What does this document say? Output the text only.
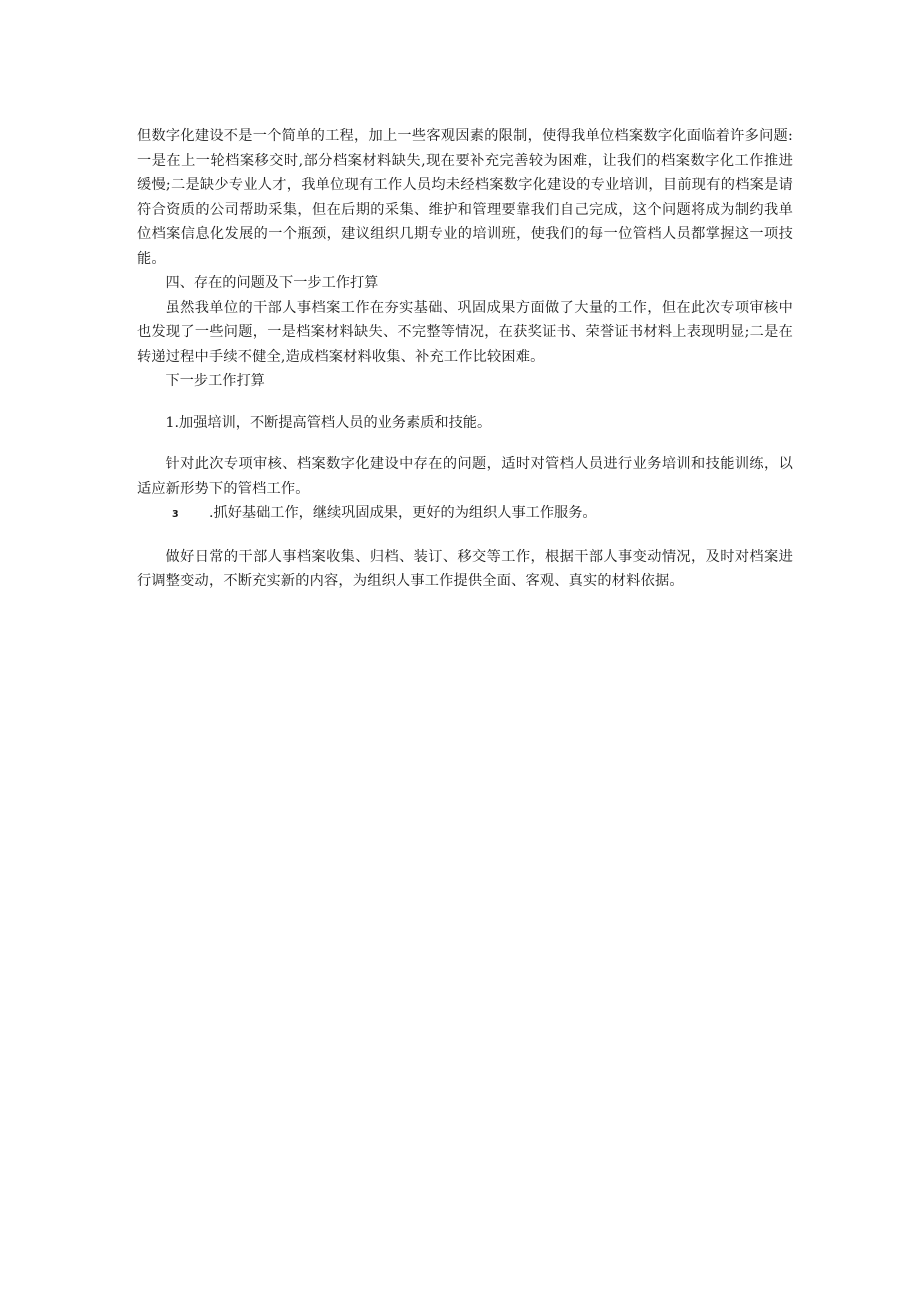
但数字化建设不是一个简单的工程，加上一些客观因素的限制，使得我单位档案数字化面临着许多问题:一是在上一轮档案移交时,部分档案材料缺失,现在要补充完善较为困难，让我们的档案数字化工作推进缓慢;二是缺少专业人才，我单位现有工作人员均未经档案数字化建设的专业培训，目前现有的档案是请符合资质的公司帮助采集，但在后期的采集、维护和管理要靠我们自己完成，这个问题将成为制约我单位档案信息化发展的一个瓶颈，建议组织几期专业的培训班，使我们的每一位管档人员都掌握这一项技能。

四、存在的问题及下一步工作打算

虽然我单位的干部人事档案工作在夯实基础、巩固成果方面做了大量的工作，但在此次专项审核中也发现了一些问题，一是档案材料缺失、不完整等情况，在获奖证书、荣誉证书材料上表现明显;二是在转递过程中手续不健全,造成档案材料收集、补充工作比较困难。

下一步工作打算

1.加强培训，不断提高管档人员的业务素质和技能。

针对此次专项审核、档案数字化建设中存在的问题，适时对管档人员进行业务培训和技能训练，以适应新形势下的管档工作。

3	.抓好基础工作，继续巩固成果，更好的为组织人事工作服务。

做好日常的干部人事档案收集、归档、装订、移交等工作，根据干部人事变动情况，及时对档案进行调整变动，不断充实新的内容，为组织人事工作提供全面、客观、真实的材料依据。
